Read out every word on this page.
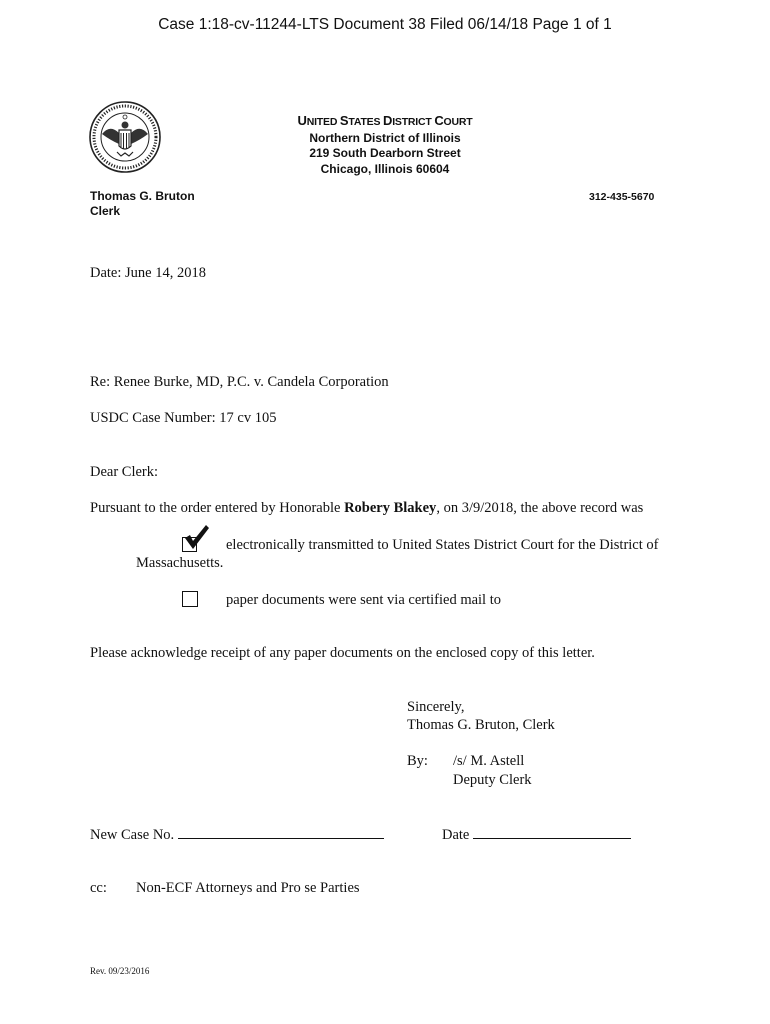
Case 1:18-cv-11244-LTS Document 38 Filed 06/14/18 Page 1 of 1
UNITED STATES DISTRICT COURT
Northern District of Illinois
219 South Dearborn Street
Chicago, Illinois 60604
Thomas G. Bruton
Clerk
312-435-5670
Date: June 14, 2018
Re: Renee Burke, MD, P.C. v. Candela Corporation
USDC Case Number: 17 cv 105
Dear Clerk:
Pursuant to the order entered by Honorable Robery Blakey, on 3/9/2018, the above record was
electronically transmitted to United States District Court for the District of
Massachusetts.
paper documents were sent via certified mail to
Please acknowledge receipt of any paper documents on the enclosed copy of this letter.
Sincerely,
Thomas G. Bruton, Clerk
By: /s/ M. Astell
Deputy Clerk
New Case No.	Date
cc: Non-ECF Attorneys and Pro se Parties
Rev. 09/23/2016
